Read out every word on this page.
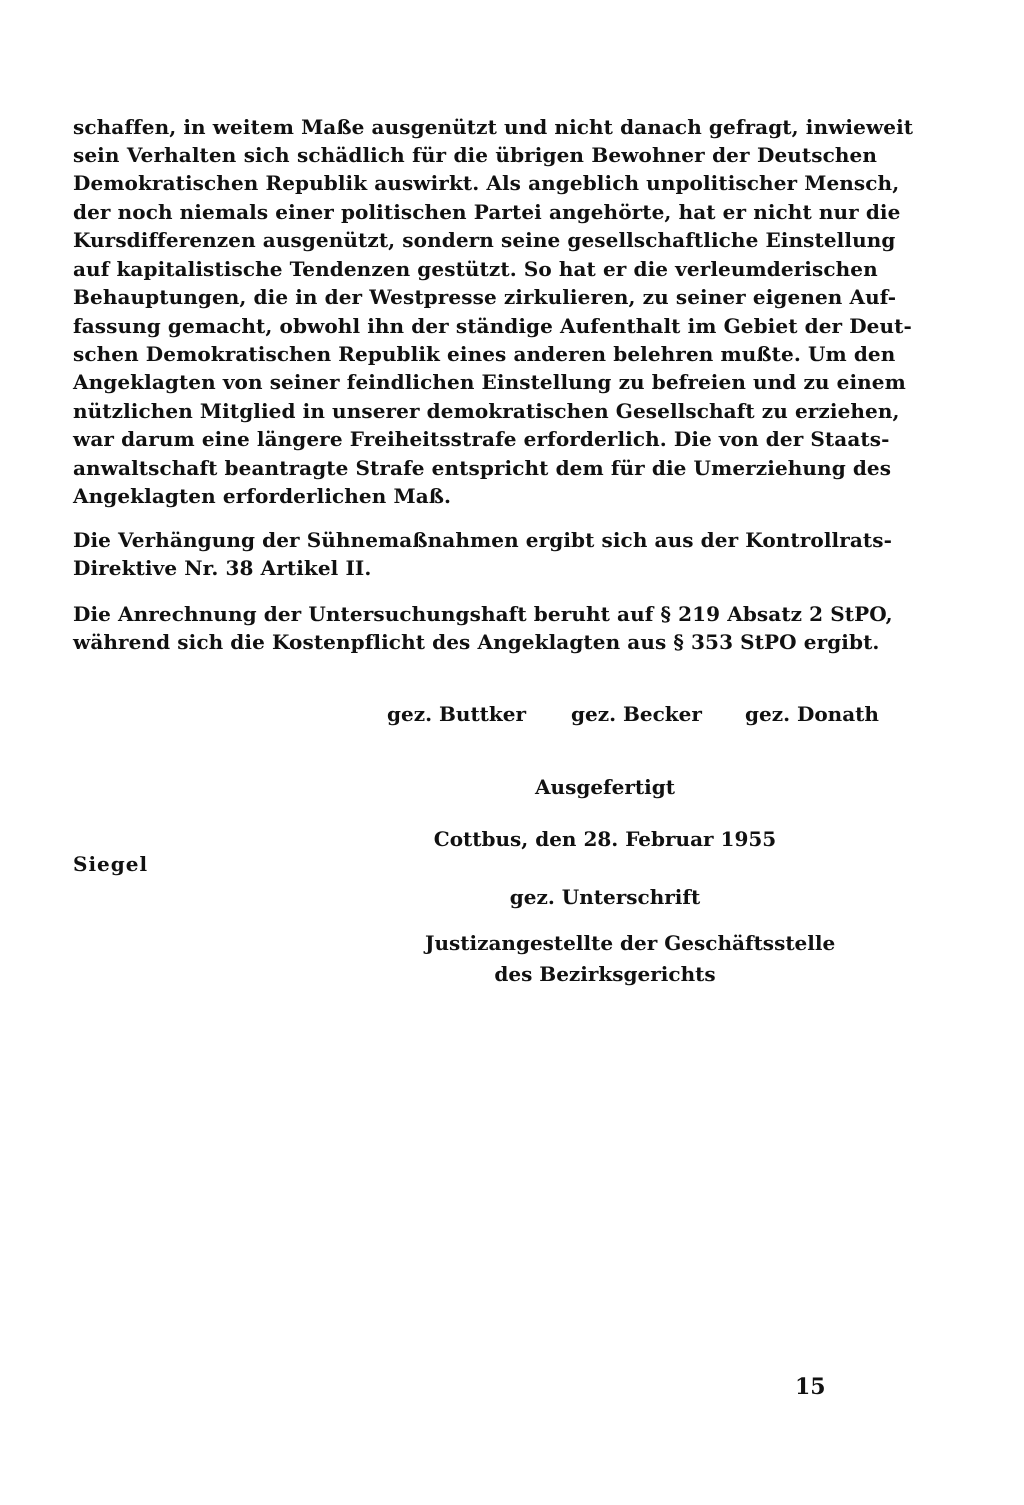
schaffen, in weitem Maße ausgenützt und nicht danach gefragt, inwieweit
sein Verhalten sich schädlich für die übrigen Bewohner der Deutschen
Demokratischen Republik auswirkt. Als angeblich unpolitischer Mensch,
der noch niemals einer politischen Partei angehörte, hat er nicht nur die
Kursdifferenzen ausgenützt, sondern seine gesellschaftliche Einstellung
auf kapitalistische Tendenzen gestützt. So hat er die verleumderischen
Behauptungen, die in der Westpresse zirkulieren, zu seiner eigenen Auf-
fassung gemacht, obwohl ihn der ständige Aufenthalt im Gebiet der Deut-
schen Demokratischen Republik eines anderen belehren mußte. Um den
Angeklagten von seiner feindlichen Einstellung zu befreien und zu einem
nützlichen Mitglied in unserer demokratischen Gesellschaft zu erziehen,
war darum eine längere Freiheitsstrafe erforderlich. Die von der Staats-
anwaltschaft beantragte Strafe entspricht dem für die Umerziehung des
Angeklagten erforderlichen Maß.
Die Verhängung der Sühnemaßnahmen ergibt sich aus der Kontrollrats-
Direktive Nr. 38 Artikel II.
Die Anrechnung der Untersuchungshaft beruht auf § 219 Absatz 2 StPO,
während sich die Kostenpflicht des Angeklagten aus § 353 StPO ergibt.
gez. Buttker gez. Becker gez. Donath
Ausgefertigt
Cottbus, den 28. Februar 1955
gez. Unterschrift
Justizangestellte der Geschäftsstelle
des Bezirksgerichts
Siegel
15
